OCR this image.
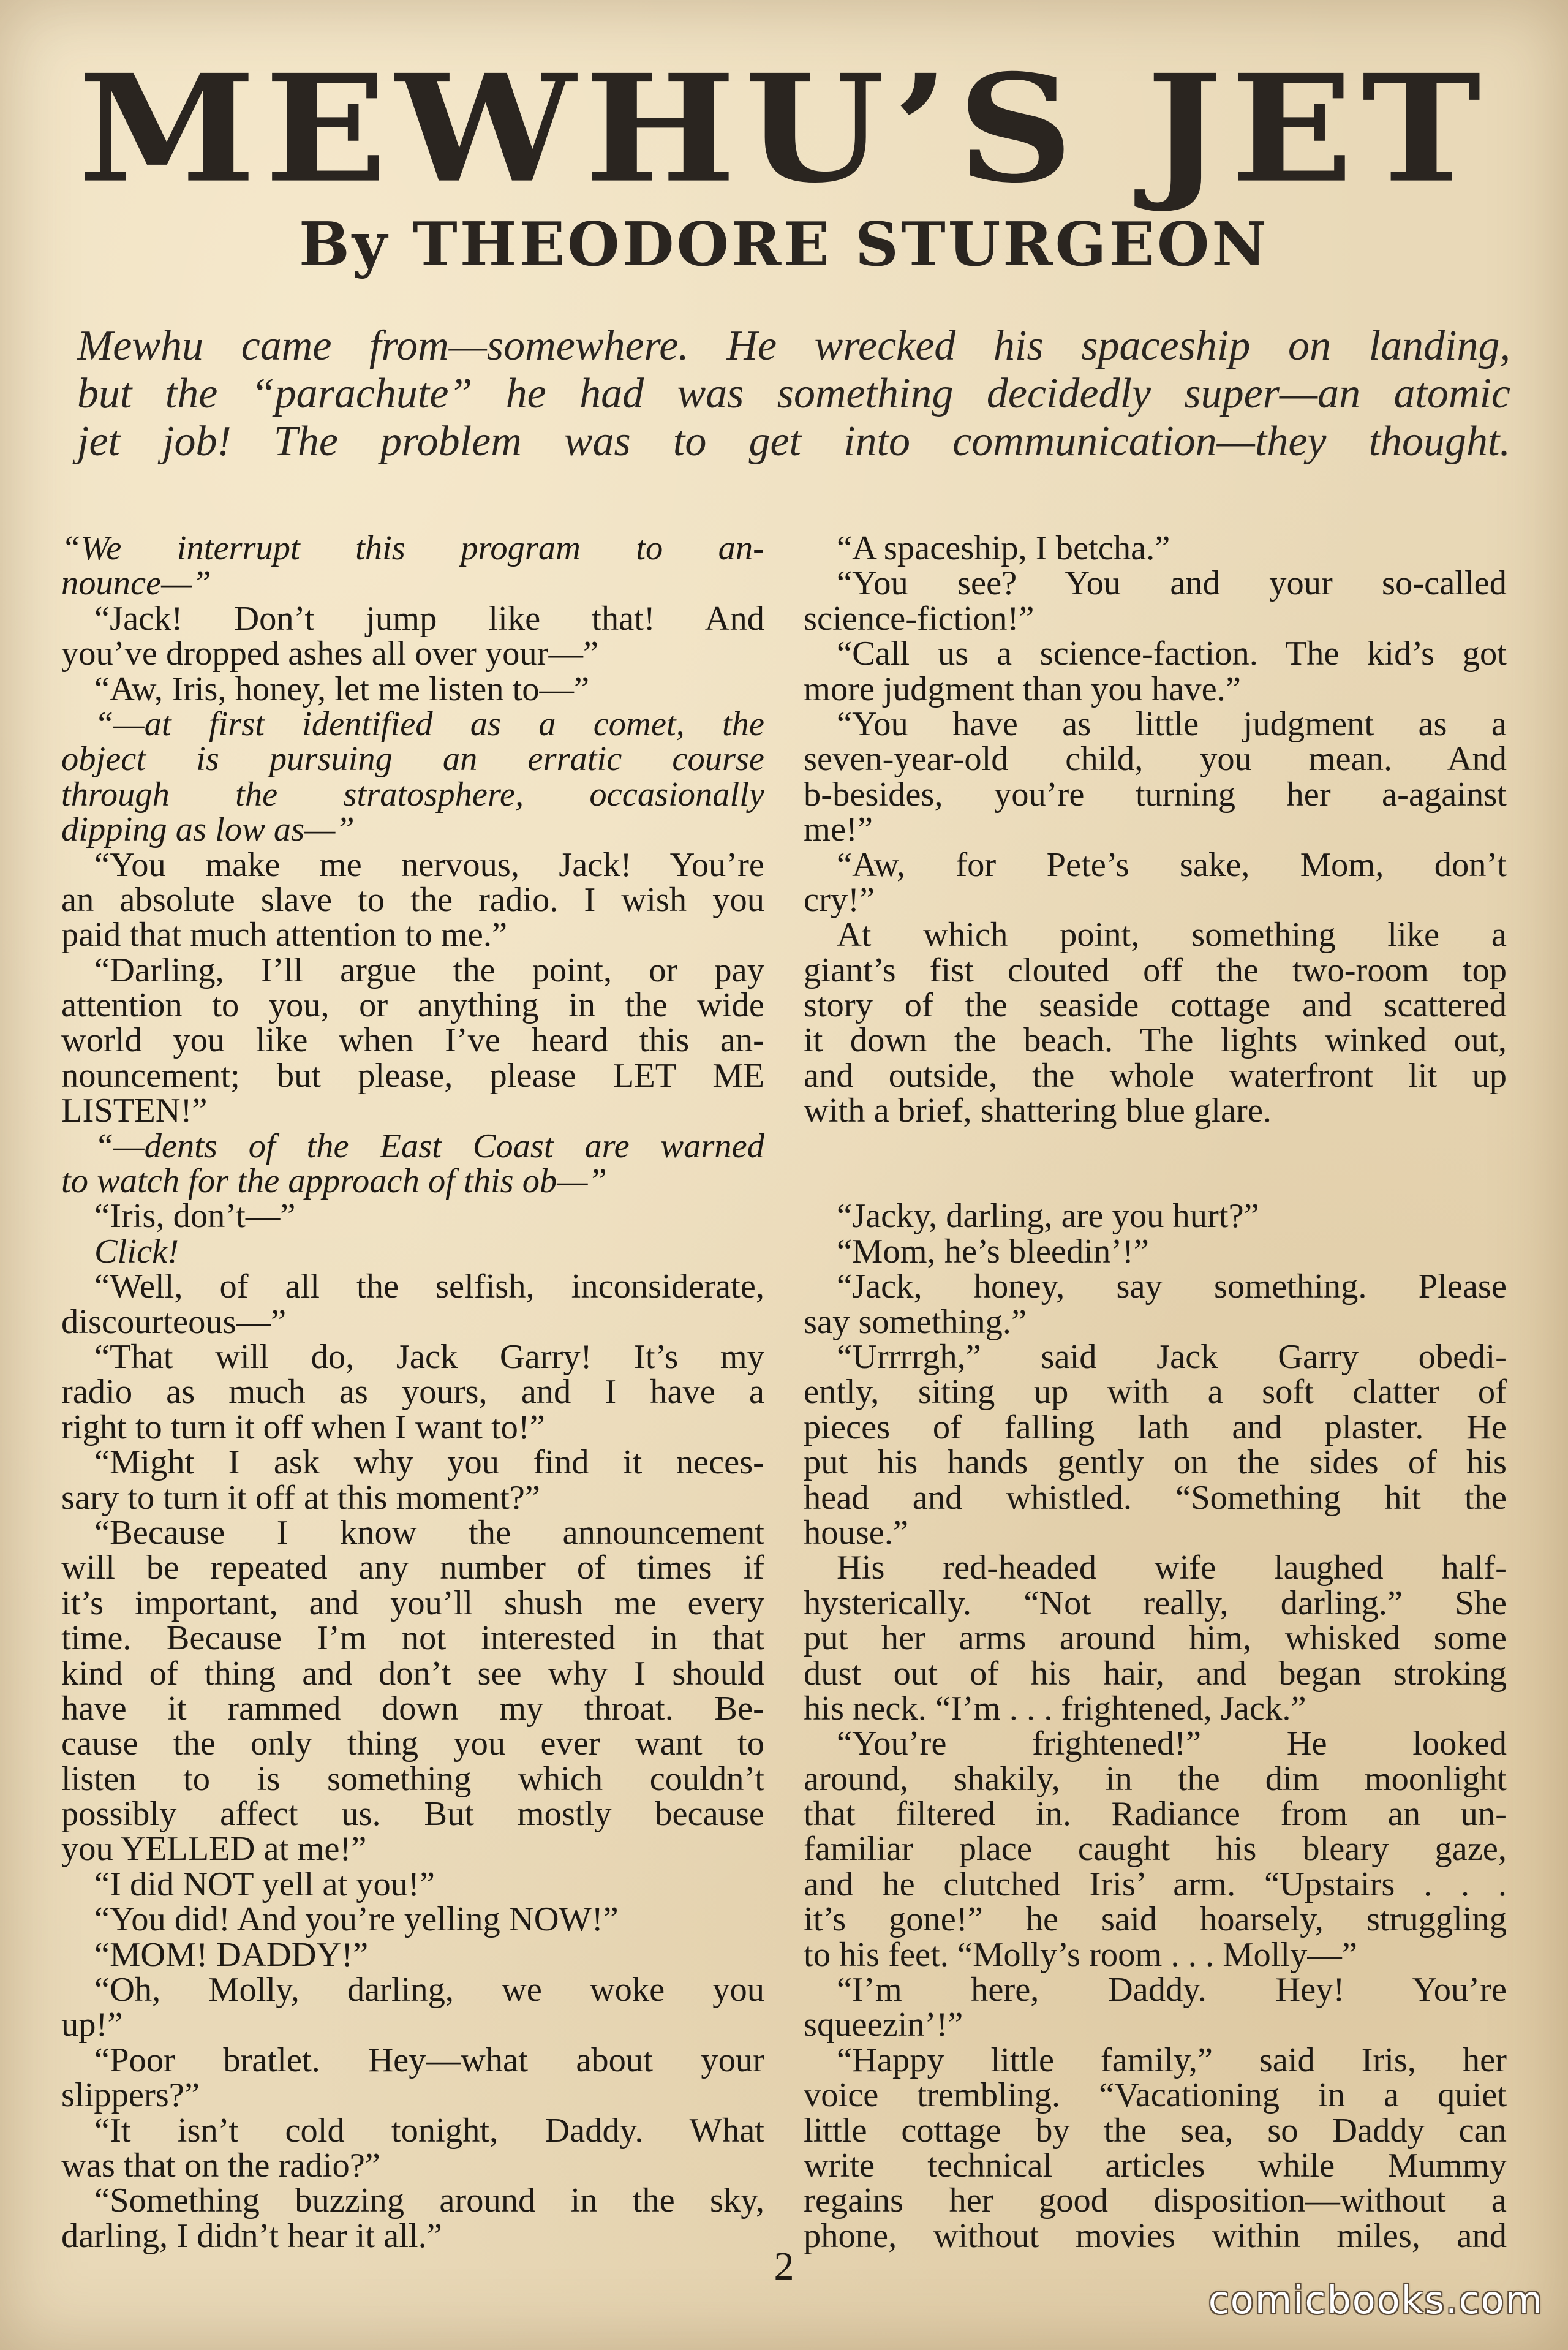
MEWHU’S JET
By THEODORE STURGEON
Mewhu came from—somewhere. He wrecked his spaceship on landing,
but the “parachute” he had was something decidedly super—an atomic
jet job! The problem was to get into communication—they thought.
“We interrupt this program to an-
nounce—”
“Jack! Don’t jump like that! And
you’ve dropped ashes all over your—”
“Aw, Iris, honey, let me listen to—”
“—at first identified as a comet, the
object is pursuing an erratic course
through the stratosphere, occasionally
dipping as low as—”
“You make me nervous, Jack! You’re
an absolute slave to the radio. I wish you
paid that much attention to me.”
“Darling, I’ll argue the point, or pay
attention to you, or anything in the wide
world you like when I’ve heard this an-
nouncement; but please, please LET ME
LISTEN!”
“—dents of the East Coast are warned
to watch for the approach of this ob—”
“Iris, don’t—”
Click!
“Well, of all the selfish, inconsiderate,
discourteous—”
“That will do, Jack Garry! It’s my
radio as much as yours, and I have a
right to turn it off when I want to!”
“Might I ask why you find it neces-
sary to turn it off at this moment?”
“Because I know the announcement
will be repeated any number of times if
it’s important, and you’ll shush me every
time. Because I’m not interested in that
kind of thing and don’t see why I should
have it rammed down my throat. Be-
cause the only thing you ever want to
listen to is something which couldn’t
possibly affect us. But mostly because
you YELLED at me!”
“I did NOT yell at you!”
“You did! And you’re yelling NOW!”
“MOM! DADDY!”
“Oh, Molly, darling, we woke you
up!”
“Poor bratlet. Hey—what about your
slippers?”
“It isn’t cold tonight, Daddy. What
was that on the radio?”
“Something buzzing around in the sky,
darling, I didn’t hear it all.”
“A spaceship, I betcha.”
“You see? You and your so-called
science-fiction!”
“Call us a science-faction. The kid’s got
more judgment than you have.”
“You have as little judgment as a
seven-year-old child, you mean. And
b-besides, you’re turning her a-against
me!”
“Aw, for Pete’s sake, Mom, don’t
cry!”
At which point, something like a
giant’s fist clouted off the two-room top
story of the seaside cottage and scattered
it down the beach. The lights winked out,
and outside, the whole waterfront lit up
with a brief, shattering blue glare.
“Jacky, darling, are you hurt?”
“Mom, he’s bleedin’!”
“Jack, honey, say something. Please
say something.”
“Urrrrgh,” said Jack Garry obedi-
ently, siting up with a soft clatter of
pieces of falling lath and plaster. He
put his hands gently on the sides of his
head and whistled. “Something hit the
house.”
His red-headed wife laughed half-
hysterically. “Not really, darling.” She
put her arms around him, whisked some
dust out of his hair, and began stroking
his neck. “I’m . . . frightened, Jack.”
“You’re frightened!” He looked
around, shakily, in the dim moonlight
that filtered in. Radiance from an un-
familiar place caught his bleary gaze,
and he clutched Iris’ arm. “Upstairs . . .
it’s gone!” he said hoarsely, struggling
to his feet. “Molly’s room . . . Molly—”
“I’m here, Daddy. Hey! You’re
squeezin’!”
“Happy little family,” said Iris, her
voice trembling. “Vacationing in a quiet
little cottage by the sea, so Daddy can
write technical articles while Mummy
regains her good disposition—without a
phone, without movies within miles, and
2
comicbooks.com
